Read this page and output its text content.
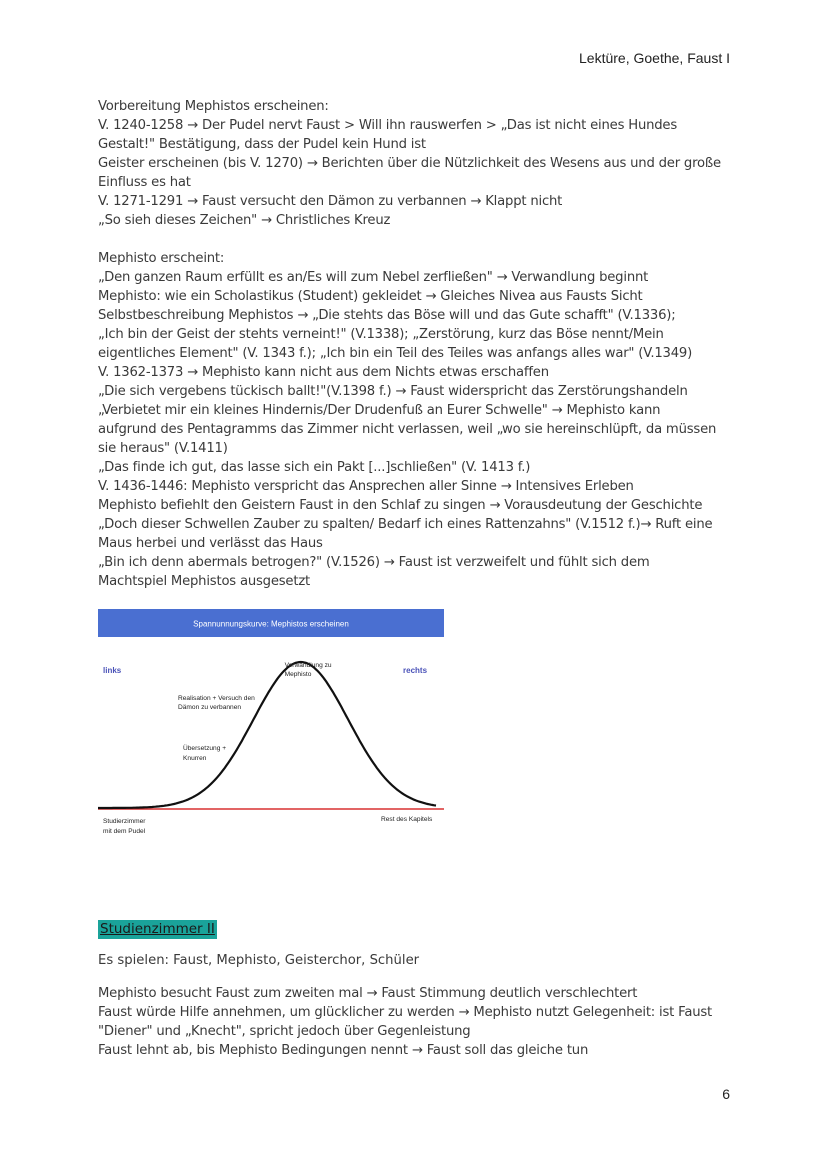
Lektüre, Goethe, Faust I
Vorbereitung Mephistos erscheinen:
V. 1240-1258 → Der Pudel nervt Faust > Will ihn rauswerfen > „Das ist nicht eines Hundes
Gestalt!" Bestätigung, dass der Pudel kein Hund ist
Geister erscheinen (bis V. 1270) → Berichten über die Nützlichkeit des Wesens aus und der große
Einfluss es hat
V. 1271-1291 → Faust versucht den Dämon zu verbannen → Klappt nicht
„So sieh dieses Zeichen" → Christliches Kreuz
Mephisto erscheint:
„Den ganzen Raum erfüllt es an/Es will zum Nebel zerfließen" → Verwandlung beginnt
Mephisto: wie ein Scholastikus (Student) gekleidet → Gleiches Nivea aus Fausts Sicht
Selbstbeschreibung Mephistos → „Die stehts das Böse will und das Gute schafft" (V.1336);
„Ich bin der Geist der stehts verneint!" (V.1338); „Zerstörung, kurz das Böse nennt/Mein
eigentliches Element" (V. 1343 f.); „Ich bin ein Teil des Teiles was anfangs alles war" (V.1349)
V. 1362-1373 → Mephisto kann nicht aus dem Nichts etwas erschaffen
„Die sich vergebens tückisch ballt!"(V.1398 f.) → Faust widerspricht das Zerstörungshandeln
„Verbietet mir ein kleines Hindernis/Der Drudenfuß an Eurer Schwelle" → Mephisto kann
aufgrund des Pentagramms das Zimmer nicht verlassen, weil „wo sie hereinschlüpft, da müssen
sie heraus" (V.1411)
„Das finde ich gut, das lasse sich ein Pakt [...]schließen" (V. 1413 f.)
V. 1436-1446: Mephisto verspricht das Ansprechen aller Sinne → Intensives Erleben
Mephisto befiehlt den Geistern Faust in den Schlaf zu singen → Vorausdeutung der Geschichte
„Doch dieser Schwellen Zauber zu spalten/ Bedarf ich eines Rattenzahns" (V.1512 f.)→ Ruft eine
Maus herbei und verlässt das Haus
„Bin ich denn abermals betrogen?" (V.1526) → Faust ist verzweifelt und fühlt sich dem
Machtspiel Mephistos ausgesetzt
Spannunnungskurve: Mephistos erscheinen
links	rechts
Verwandlung zu Mephisto
Realisation + Versuch den Dämon zu verbannen
Übersetzung + Knurren
Studierzimmer mit dem Pudel
Rest des Kapitels
Studienzimmer II
Es spielen: Faust, Mephisto, Geisterchor, Schüler
Mephisto besucht Faust zum zweiten mal → Faust Stimmung deutlich verschlechtert
Faust würde Hilfe annehmen, um glücklicher zu werden → Mephisto nutzt Gelegenheit: ist Faust
"Diener" und „Knecht", spricht jedoch über Gegenleistung
Faust lehnt ab, bis Mephisto Bedingungen nennt → Faust soll das gleiche tun
6
